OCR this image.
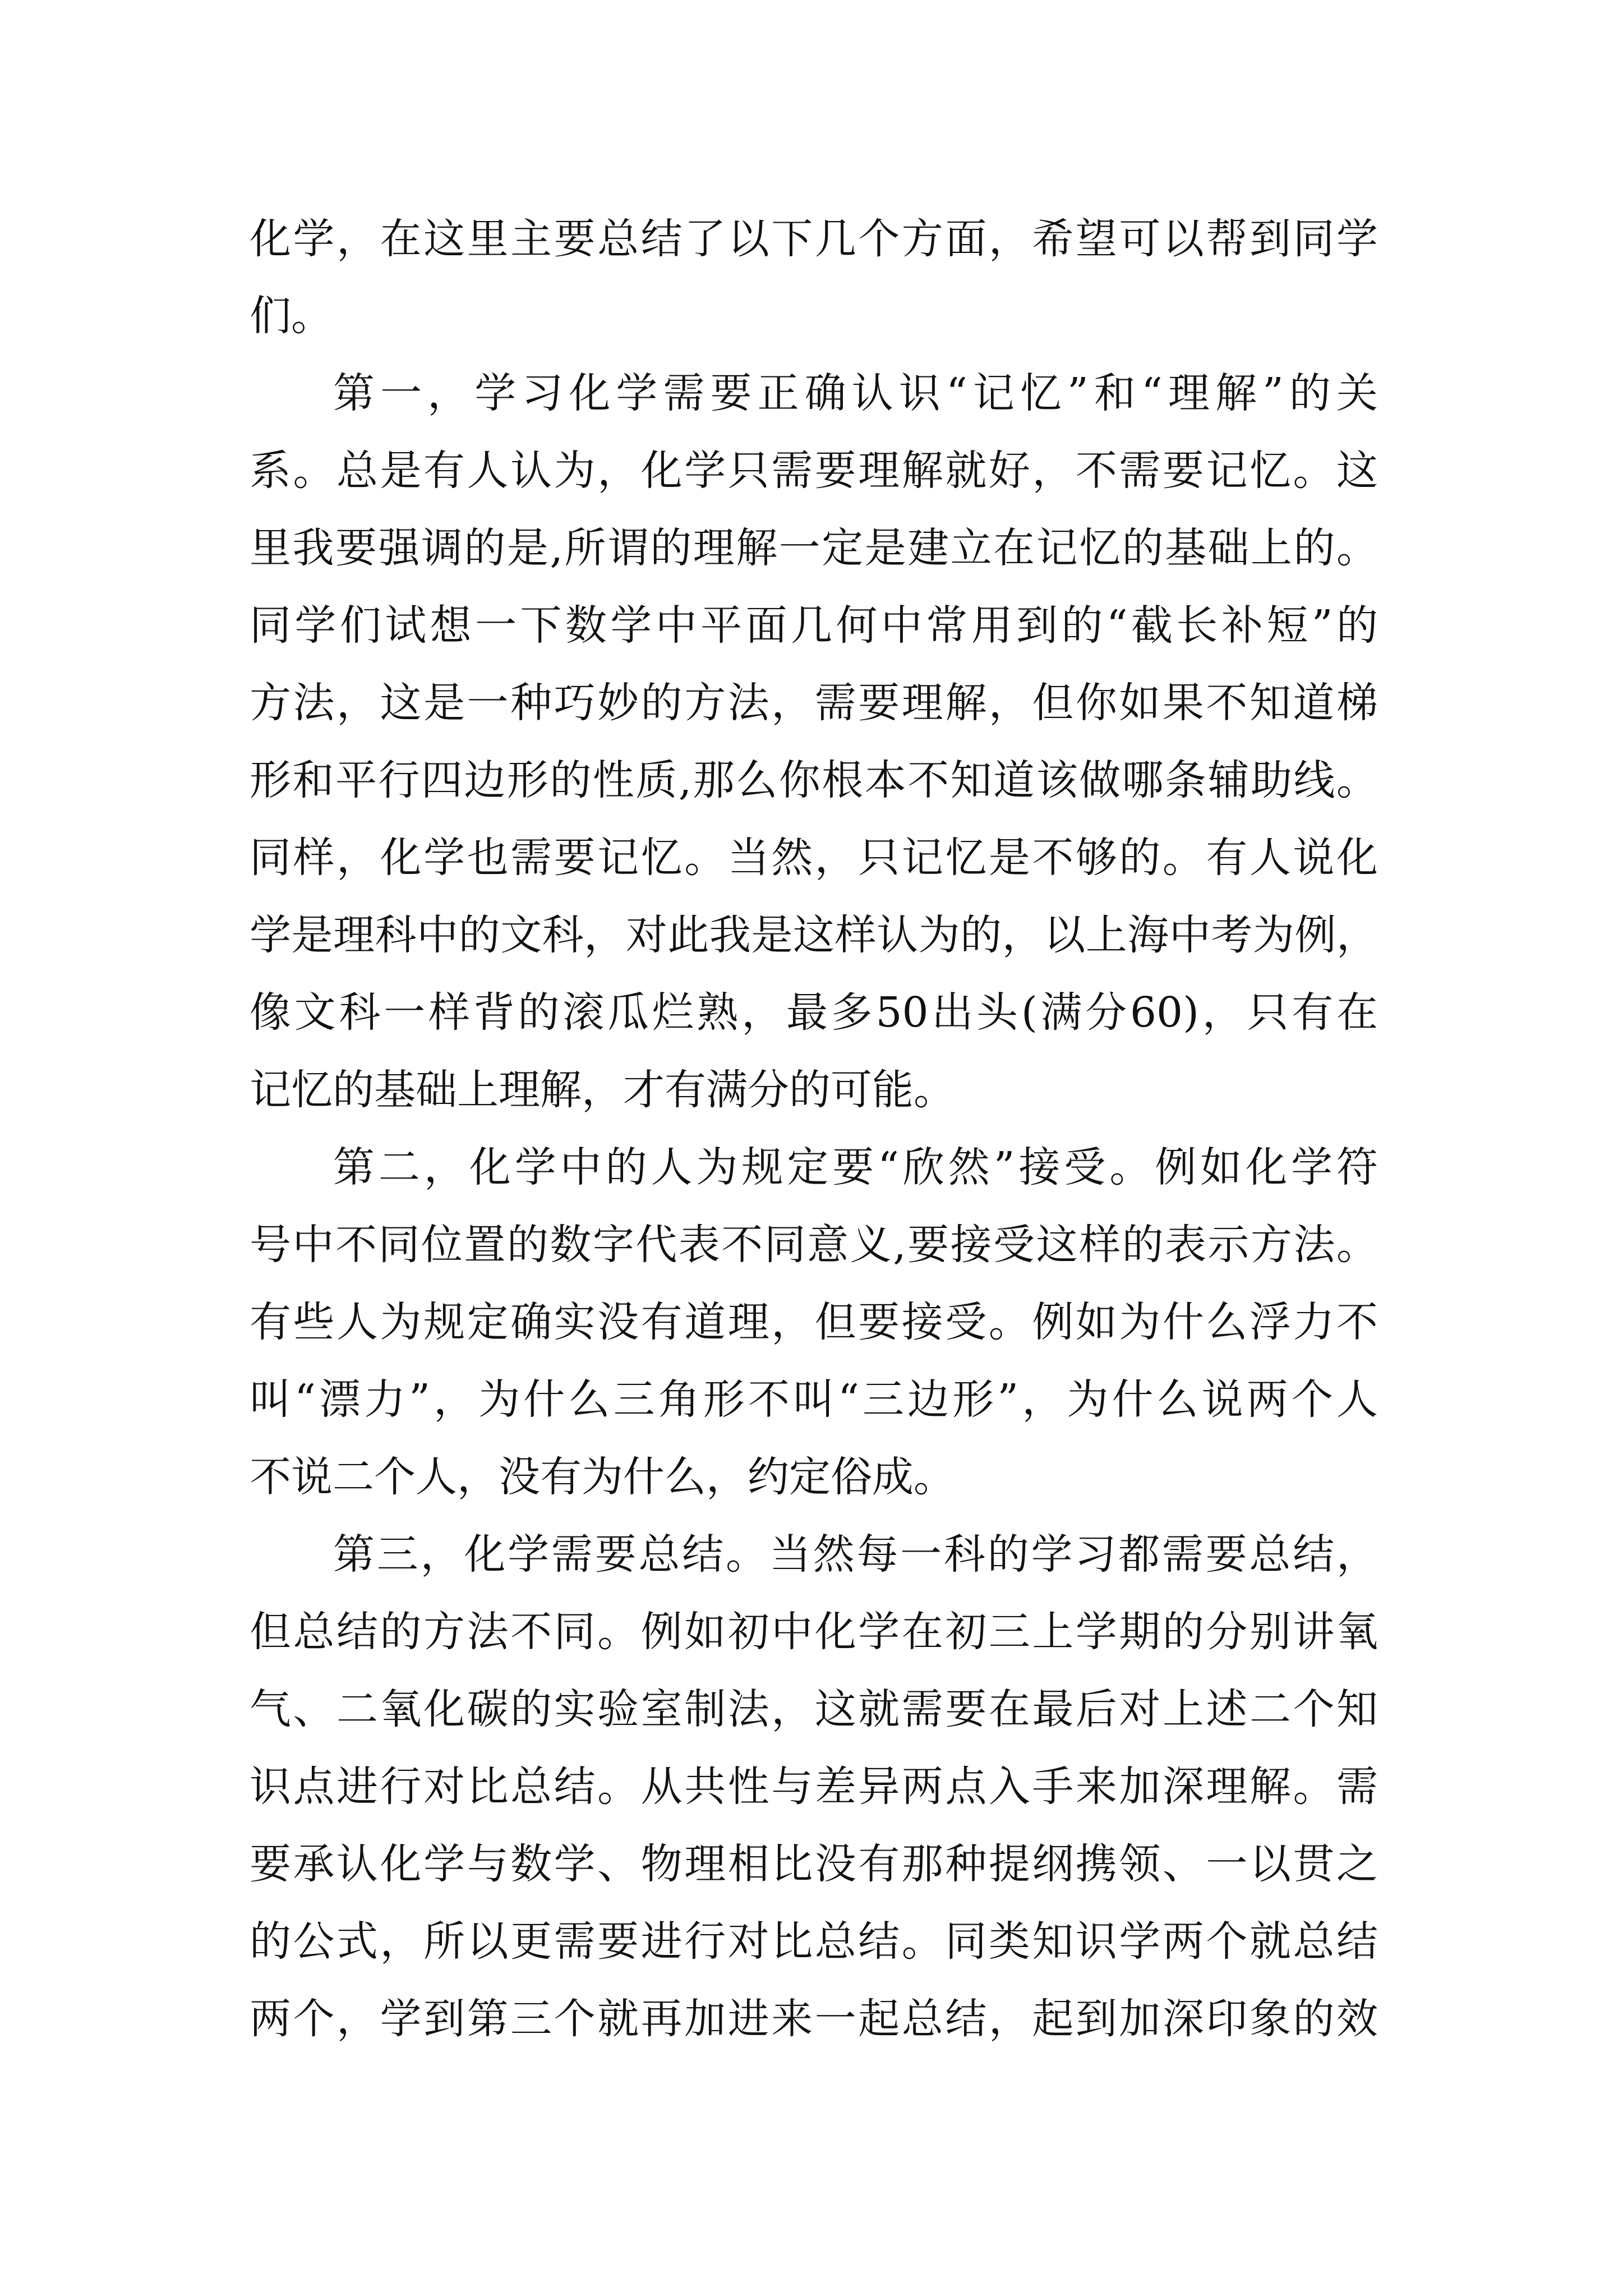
化学，在这里主要总结了以下几个方面，希望可以帮到同学
们。
第一，学习化学需要正确认识“记忆”和“理解”的关
系。总是有人认为，化学只需要理解就好，不需要记忆。这
里我要强调的是,所谓的理解一定是建立在记忆的基础上的。
同学们试想一下数学中平面几何中常用到的“截长补短”的
方法，这是一种巧妙的方法，需要理解，但你如果不知道梯
形和平行四边形的性质,那么你根本不知道该做哪条辅助线。
同样，化学也需要记忆。当然，只记忆是不够的。有人说化
学是理科中的文科，对此我是这样认为的，以上海中考为例，
像文科一样背的滚瓜烂熟，最多50出头(满分60)，只有在
记忆的基础上理解，才有满分的可能。
第二，化学中的人为规定要“欣然”接受。例如化学符
号中不同位置的数字代表不同意义,要接受这样的表示方法。
有些人为规定确实没有道理，但要接受。例如为什么浮力不
叫“漂力”，为什么三角形不叫“三边形”，为什么说两个人
不说二个人，没有为什么，约定俗成。
第三，化学需要总结。当然每一科的学习都需要总结，
但总结的方法不同。例如初中化学在初三上学期的分别讲氧
气、二氧化碳的实验室制法，这就需要在最后对上述二个知
识点进行对比总结。从共性与差异两点入手来加深理解。需
要承认化学与数学、物理相比没有那种提纲携领、一以贯之
的公式，所以更需要进行对比总结。同类知识学两个就总结
两个，学到第三个就再加进来一起总结，起到加深印象的效
